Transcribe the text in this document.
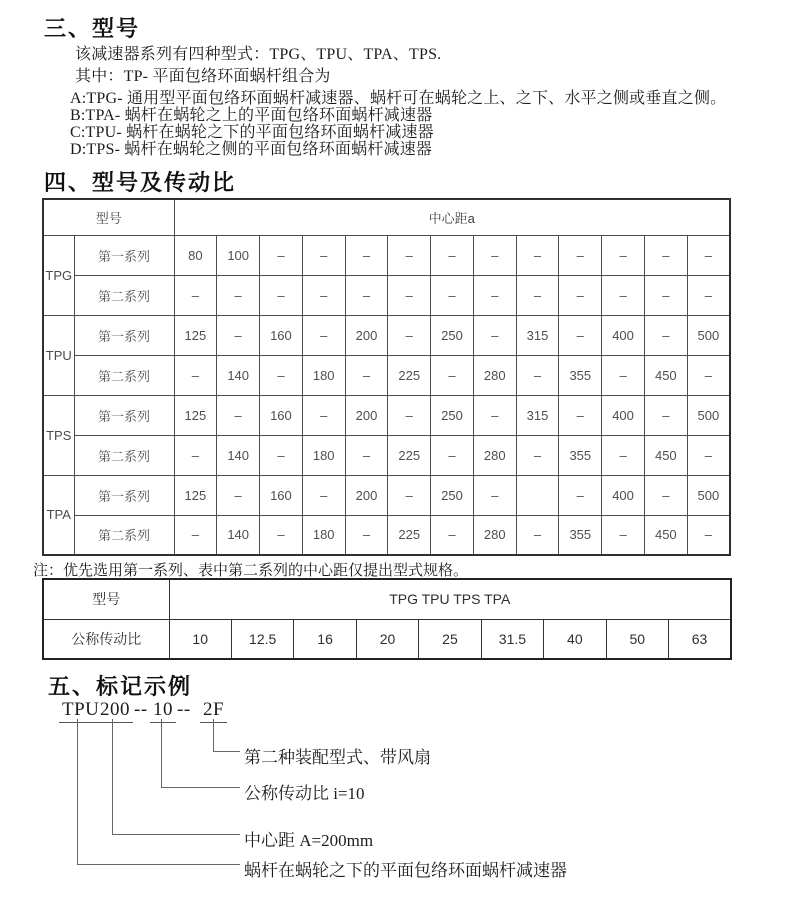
三、型号
该减速器系列有四种型式：TPG、TPU、TPA、TPS.
其中：TP- 平面包络环面蜗杆组合为
A:TPG- 通用型平面包络环面蜗杆减速器、蜗杆可在蜗轮之上、之下、水平之侧或垂直之侧。
B:TPA- 蜗杆在蜗轮之上的平面包络环面蜗杆减速器
C:TPU- 蜗杆在蜗轮之下的平面包络环面蜗杆减速器
D:TPS- 蜗杆在蜗轮之侧的平面包络环面蜗杆减速器
四、型号及传动比
型号		中心距a												
TPG	第一系列	80	100	–	–	–	–	–	–	–	–	–	–	–
	第二系列	–	–	–	–	–	–	–	–	–	–	–	–	–
TPU	第一系列	125	–	160	–	200	–	250	–	315	–	400	–	500
	第二系列	–	140	–	180	–	225	–	280	–	355	–	450	–
TPS	第一系列	125	–	160	–	200	–	250	–	315	–	400	–	500
	第二系列	–	140	–	180	–	225	–	280	–	355	–	450	–
TPA	第一系列	125	–	160	–	200	–	250	–		–	400	–	500
	第二系列	–	140	–	180	–	225	–	280	–	355	–	450	–
注：优先选用第一系列、表中第二系列的中心距仅提出型式规格。
型号	TPG TPU TPS TPA								
公称传动比	10	12.5	16	20	25	31.5	40	50	63
五、标记示例
TPU 200 -- 10 -- 2F
第二种装配型式、带风扇
公称传动比 i=10
中心距 A=200mm
蜗杆在蜗轮之下的平面包络环面蜗杆减速器
